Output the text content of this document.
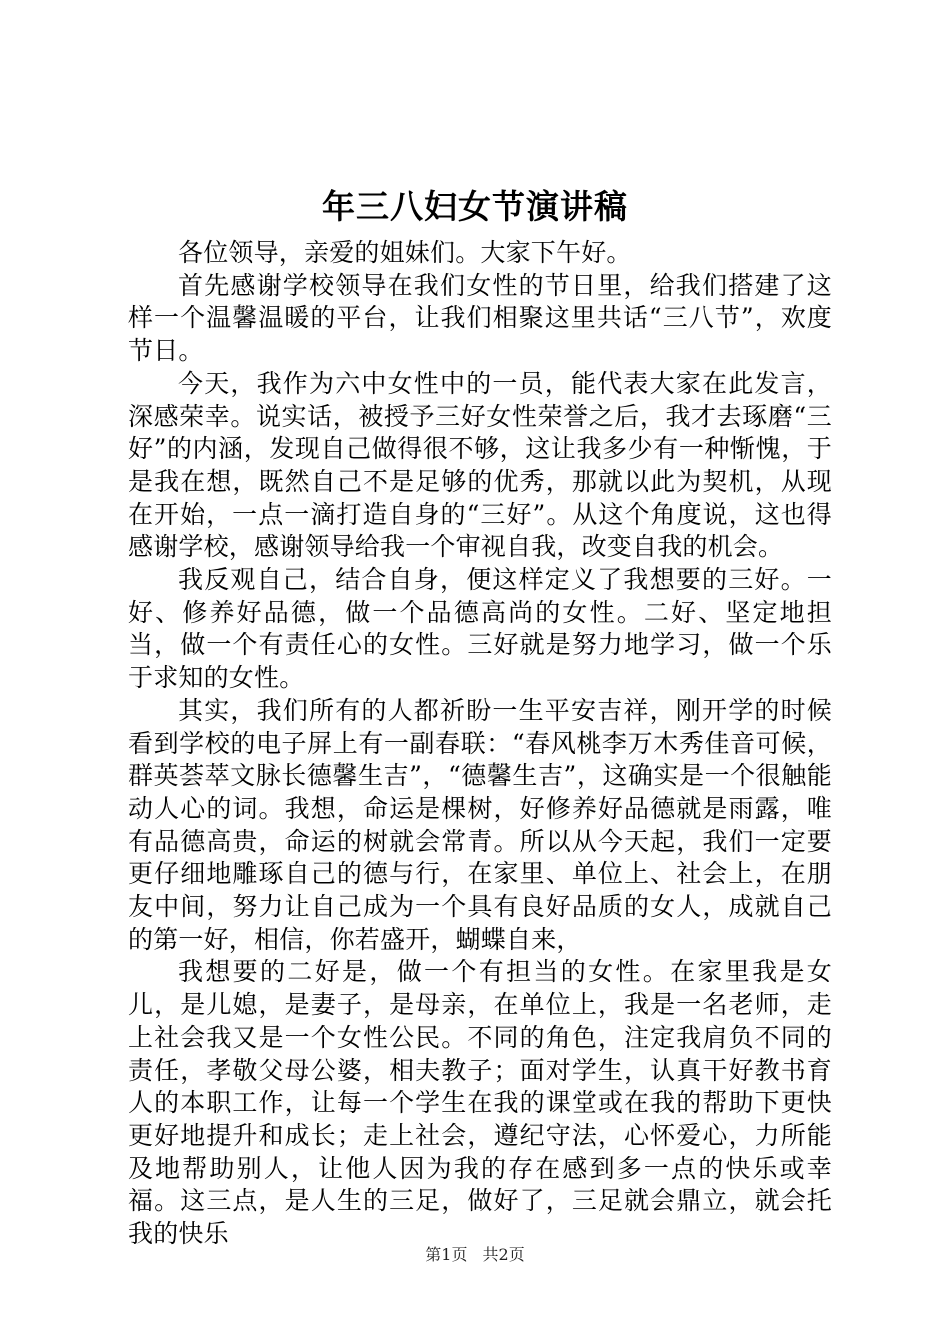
年三八妇女节演讲稿

各位领导，亲爱的姐妹们。大家下午好。

首先感谢学校领导在我们女性的节日里，给我们搭建了这样一个温馨温暖的平台，让我们相聚这里共话“三八节”，欢度节日。

今天，我作为六中女性中的一员，能代表大家在此发言，深感荣幸。说实话，被授予三好女性荣誉之后，我才去琢磨“三好”的内涵，发现自己做得很不够，这让我多少有一种惭愧，于是我在想，既然自己不是足够的优秀，那就以此为契机，从现在开始，一点一滴打造自身的“三好”。从这个角度说，这也得感谢学校，感谢领导给我一个审视自我，改变自我的机会。

我反观自己，结合自身，便这样定义了我想要的三好。一好、修养好品德，做一个品德高尚的女性。二好、坚定地担当，做一个有责任心的女性。三好就是努力地学习，做一个乐于求知的女性。

其实，我们所有的人都祈盼一生平安吉祥，刚开学的时候看到学校的电子屏上有一副春联：“春风桃李万木秀佳音可候，群英荟萃文脉长德馨生吉”，“德馨生吉”，这确实是一个很触能动人心的词。我想，命运是棵树，好修养好品德就是雨露，唯有品德高贵，命运的树就会常青。所以从今天起，我们一定要更仔细地雕琢自己的德与行，在家里、单位上、社会上，在朋友中间，努力让自己成为一个具有良好品质的女人，成就自己的第一好，相信，你若盛开，蝴蝶自来，

我想要的二好是，做一个有担当的女性。在家里我是女儿，是儿媳，是妻子，是母亲，在单位上，我是一名老师，走上社会我又是一个女性公民。不同的角色，注定我肩负不同的责任，孝敬父母公婆，相夫教子；面对学生，认真干好教书育人的本职工作，让每一个学生在我的课堂或在我的帮助下更快更好地提升和成长；走上社会，遵纪守法，心怀爱心，力所能及地帮助别人，让他人因为我的存在感到多一点的快乐或幸福。这三点，是人生的三足，做好了，三足就会鼎立，就会托我的快乐

第1页 共2页
